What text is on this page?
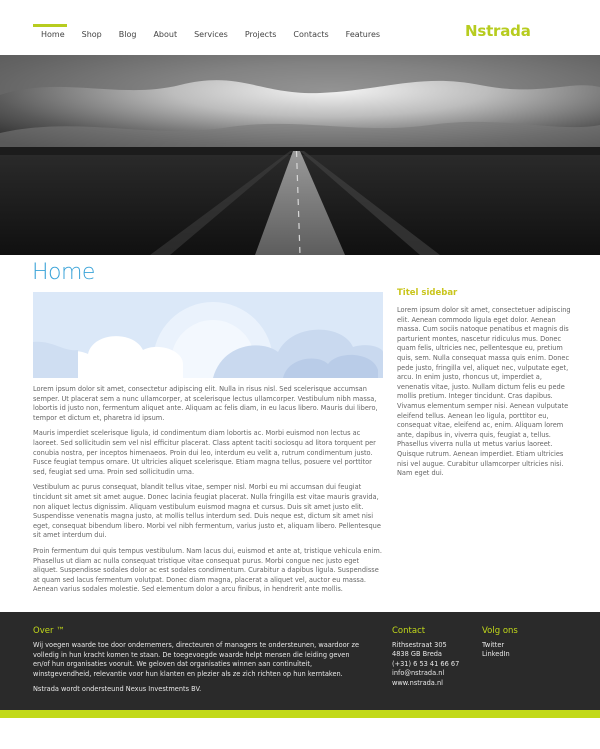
Home	Shop	Blog	About	Services	Projects	Contacts	Features	Nstrada
Home

Lorem ipsum dolor sit amet, consectetur adipiscing elit. Nulla in risus nisl. Sed scelerisque accumsan semper. Ut placerat sem a nunc ullamcorper, at scelerisque lectus ullamcorper. Vestibulum nibh massa, lobortis id justo non, fermentum aliquet ante. Aliquam ac felis diam, in eu lacus libero. Mauris dui libero, tempor et dictum et, pharetra id ipsum.

Mauris imperdiet scelerisque ligula, id condimentum diam lobortis ac. Morbi euismod non lectus ac laoreet. Sed sollicitudin sem vel nisl efficitur placerat. Class aptent taciti sociosqu ad litora torquent per conubia nostra, per inceptos himenaeos. Proin dui leo, interdum eu velit a, rutrum condimentum justo. Fusce feugiat tempus ornare. Ut ultricies aliquet scelerisque. Etiam magna tellus, posuere vel porttitor sed, feugiat sed urna. Proin sed sollicitudin urna.

Vestibulum ac purus consequat, blandit tellus vitae, semper nisl. Morbi eu mi accumsan dui feugiat tincidunt sit amet sit amet augue. Donec lacinia feugiat placerat. Nulla fringilla est vitae mauris gravida, non aliquet lectus dignissim. Aliquam vestibulum euismod magna et cursus. Duis sit amet justo elit. Suspendisse venenatis magna justo, at mollis tellus interdum sed. Duis neque est, dictum sit amet nisi eget, consequat bibendum libero. Morbi vel nibh fermentum, varius justo et, aliquam libero. Pellentesque sit amet interdum dui.

Proin fermentum dui quis tempus vestibulum. Nam lacus dui, euismod et ante at, tristique vehicula enim. Phasellus ut diam ac nulla consequat tristique vitae consequat purus. Morbi congue nec justo eget aliquet. Suspendisse sodales dolor ac est sodales condimentum. Curabitur a dapibus ligula. Suspendisse at quam sed lacus fermentum volutpat. Donec diam magna, placerat a aliquet vel, auctor eu massa. Aenean varius sodales molestie. Sed elementum dolor a arcu finibus, in hendrerit ante mollis.

Titel sidebar

Lorem ipsum dolor sit amet, consectetuer adipiscing elit. Aenean commodo ligula eget dolor. Aenean massa. Cum sociis natoque penatibus et magnis dis parturient montes, nascetur ridiculus mus. Donec quam felis, ultricies nec, pellentesque eu, pretium quis, sem. Nulla consequat massa quis enim. Donec pede justo, fringilla vel, aliquet nec, vulputate eget, arcu. In enim justo, rhoncus ut, imperdiet a, venenatis vitae, justo. Nullam dictum felis eu pede mollis pretium. Integer tincidunt. Cras dapibus. Vivamus elementum semper nisi. Aenean vulputate eleifend tellus. Aenean leo ligula, porttitor eu, consequat vitae, eleifend ac, enim. Aliquam lorem ante, dapibus in, viverra quis, feugiat a, tellus. Phasellus viverra nulla ut metus varius laoreet. Quisque rutrum. Aenean imperdiet. Etiam ultricies nisi vel augue. Curabitur ullamcorper ultricies nisi. Nam eget dui.

Over ™
Wij voegen waarde toe door ondernemers, directeuren of managers te ondersteunen, waardoor ze volledig in hun kracht komen te staan. De toegevoegde waarde helpt mensen die leiding geven en/of hun organisaties vooruit. We geloven dat organisaties winnen aan continuïteit, winstgevendheid, relevantie voor hun klanten en plezier als ze zich richten op hun kerntaken.
Nstrada wordt ondersteund Nexus Investments BV.
Contact
Rithsestraat 305
4838 GB Breda
(+31) 6 53 41 66 67
info@nstrada.nl
www.nstrada.nl
Volg ons
Twitter
LinkedIn
